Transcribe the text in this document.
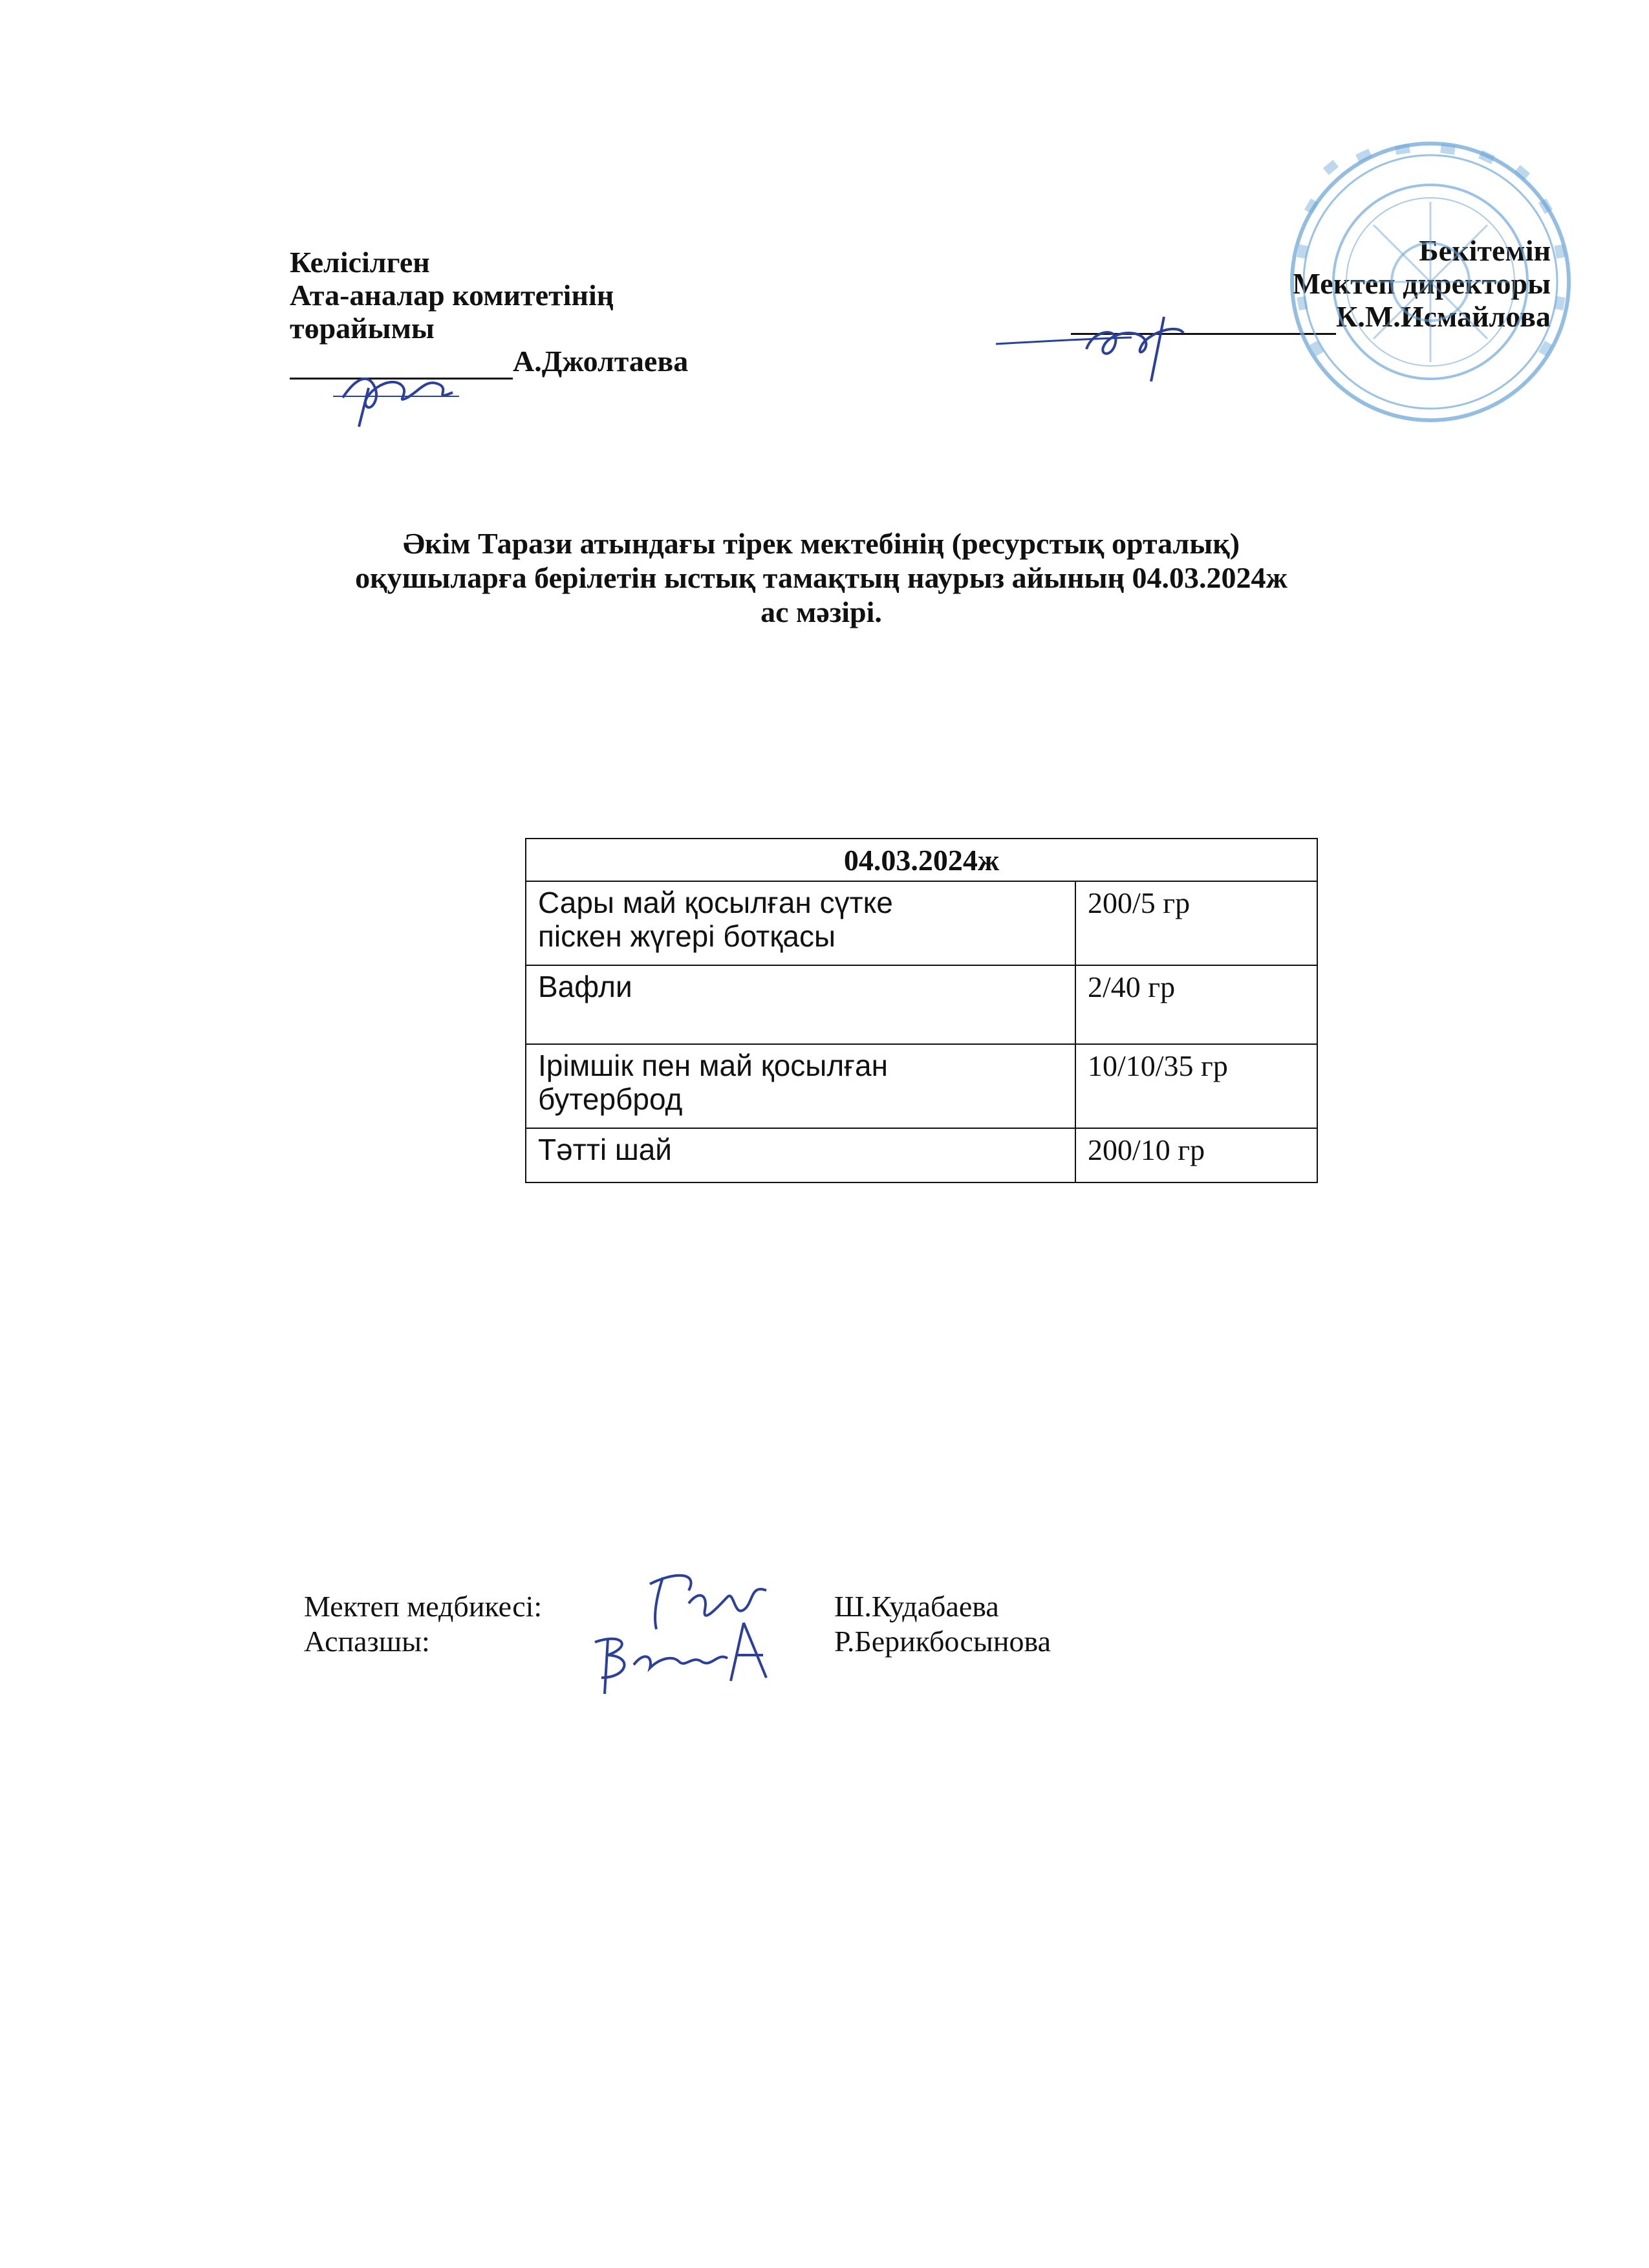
Келісілген
Ата-аналар комитетінің
төрайымы
А.Джолтаева
Бекітемін
Мектеп директоры
К.М.Исмайлова
Әкім Тарази атындағы тірек мектебінің (ресурстық орталық)
оқушыларға берілетін ыстық тамақтың наурыз айының 04.03.2024ж
ас мәзірі.
04.03.2024ж	

Сары май қосылған сүтке
піскен жүгері ботқасы	200/5 гр

Вафли	2/40 гр

Ірімшік пен май қосылған
бутерброд	10/10/35 гр

Тәтті шай	200/10 гр
Мектеп медбикесі:	Ш.Кудабаева
Аспазшы:	Р.Берикбосынова
